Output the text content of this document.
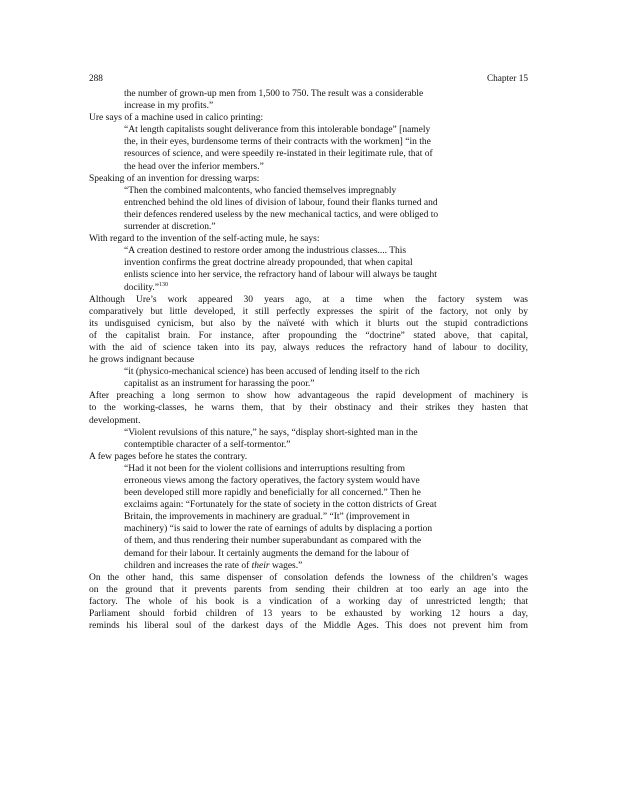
288	Chapter 15
the number of grown-up men from 1,500 to 750. The result was a considerable
increase in my profits.”
Ure says of a machine used in calico printing:
“At length capitalists sought deliverance from this intolerable bondage” [namely
the, in their eyes, burdensome terms of their contracts with the workmen] “in the
resources of science, and were speedily re-instated in their legitimate rule, that of
the head over the inferior members.”
Speaking of an invention for dressing warps:
“Then the combined malcontents, who fancied themselves impregnably
entrenched behind the old lines of division of labour, found their flanks turned and
their defences rendered useless by the new mechanical tactics, and were obliged to
surrender at discretion.”
With regard to the invention of the self-acting mule, he says:
“A creation destined to restore order among the industrious classes.... This
invention confirms the great doctrine already propounded, that when capital
enlists science into her service, the refractory hand of labour will always be taught
docility.”$^{130}$
Although Ure’s work appeared 30 years ago, at a time when the factory system was
comparatively but little developed, it still perfectly expresses the spirit of the factory, not only by
its undisguised cynicism, but also by the naïveté with which it blurts out the stupid contradictions
of the capitalist brain. For instance, after propounding the “doctrine” stated above, that capital,
with the aid of science taken into its pay, always reduces the refractory hand of labour to docility,
he grows indignant because
“it (physico-mechanical science) has been accused of lending itself to the rich
capitalist as an instrument for harassing the poor.”
After preaching a long sermon to show how advantageous the rapid development of machinery is
to the working-classes, he warns them, that by their obstinacy and their strikes they hasten that
development.
“Violent revulsions of this nature,” he says, “display short-sighted man in the
contemptible character of a self-tormentor.”
A few pages before he states the contrary.
“Had it not been for the violent collisions and interruptions resulting from
erroneous views among the factory operatives, the factory system would have
been developed still more rapidly and beneficially for all concerned.” Then he
exclaims again: “Fortunately for the state of society in the cotton districts of Great
Britain, the improvements in machinery are gradual.” “It” (improvement in
machinery) “is said to lower the rate of earnings of adults by displacing a portion
of them, and thus rendering their number superabundant as compared with the
demand for their labour. It certainly augments the demand for the labour of
children and increases the rate of their wages.”
On the other hand, this same dispenser of consolation defends the lowness of the children’s wages
on the ground that it prevents parents from sending their children at too early an age into the
factory. The whole of his book is a vindication of a working day of unrestricted length; that
Parliament should forbid children of 13 years to be exhausted by working 12 hours a day,
reminds his liberal soul of the darkest days of the Middle Ages. This does not prevent him from
